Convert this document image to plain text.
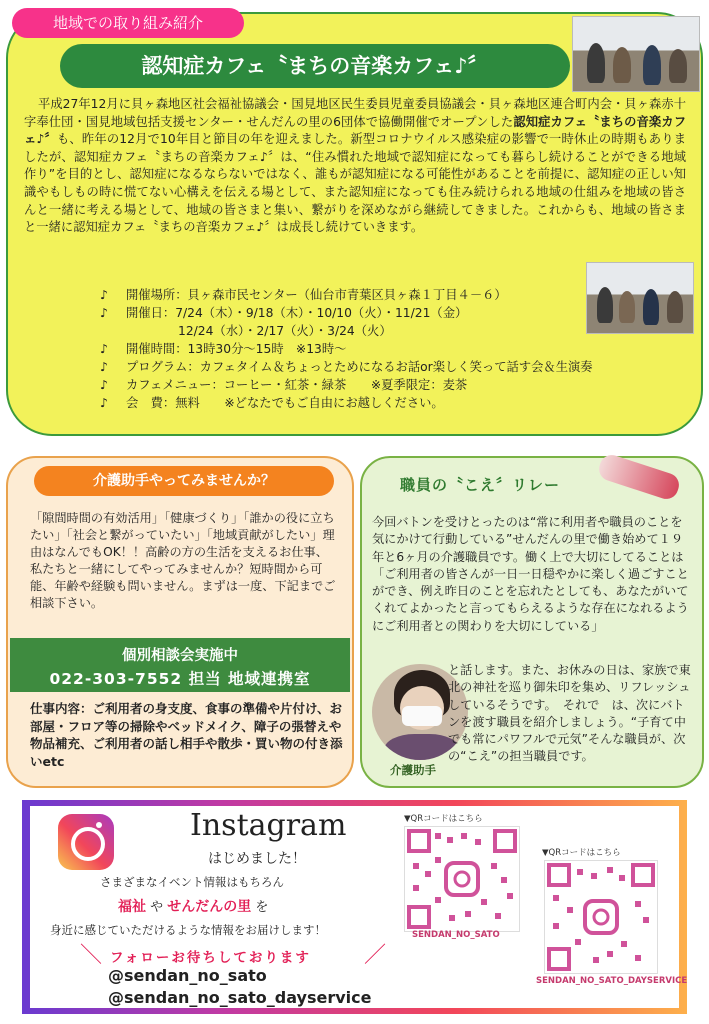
地域での取り組み紹介
認知症カフェ〝まちの音楽カフェ♪〞
平成27年12月に貝ヶ森地区社会福祉協議会・国見地区民生委員児童委員協議会・貝ヶ森地区連合町内会・貝ヶ森赤十字奉仕団・国見地域包括支援センター・せんだんの里の6団体で協働開催でオープンした認知症カフェ〝まちの音楽カフェ♪〞も、昨年の12月で10年目と節目の年を迎えました。新型コロナウイルス感染症の影響で一時休止の時期もありましたが、認知症カフェ〝まちの音楽カフェ♪〞は、“住み慣れた地域で認知症になっても暮らし続けることができる地域作り”を目的とし、認知症になるならないではなく、誰もが認知症になる可能性があることを前提に、認知症の正しい知識やもしもの時に慌てない心構えを伝える場として、また認知症になっても住み続けられる地域の仕組みを地域の皆さんと一緒に考える場として、地域の皆さまと集い、繋がりを深めながら継続してきました。これからも、地域の皆さまと一緒に認知症カフェ〝まちの音楽カフェ♪〞は成長し続けていきます。
♪	開催場所：貝ヶ森市民センター（仙台市青葉区貝ヶ森１丁目４－６）
♪	開催日：7/24（木）・9/18（木）・10/10（火）・11/21（金）
12/24（水）・2/17（火）・3/24（火）
♪	開催時間：13時30分～15時　※13時～
♪	プログラム：カフェタイム＆ちょっとためになるお話or楽しく笑って話す会＆生演奏
♪	カフェメニュー：コーヒー・紅茶・緑茶　　※夏季限定：麦茶
♪	会　費：無料　　※どなたでもご自由にお越しください。
介護助手やってみませんか？
「隙間時間の有効活用」「健康づくり」「誰かの役に立ちたい」「社会と繋がっていたい」「地域貢献がしたい」理由はなんでもOK！！高齢の方の生活を支えるお仕事、私たちと一緒にしてやってみませんか？短時間から可能、年齢や経験も問いません。まずは一度、下記までご相談下さい。
個別相談会実施中
022-303-7552 担当 地域連携室
仕事内容：ご利用者の身支度、食事の準備や片付け、お部屋・フロア等の掃除やベッドメイク、障子の張替えや物品補充、ご利用者の話し相手や散歩・買い物の付き添いetc
職員の〝こえ〞リレー
今回バトンを受けとったのは“常に利用者や職員のことを気にかけて行動している”せんだんの里で働き始めて１９年と6ヶ月の介護職員です。働く上で大切にしてることは「ご利用者の皆さんが一日一日穏やかに楽しく過ごすことができ、例え昨日のことを忘れたとしても、あなたがいてくれてよかったと言ってもらえるような存在になれるようにご利用者との関わりを大切にしている」
介護助手
と話します。また、お休みの日は、家族で東北の神社を巡り御朱印を集め、リフレッシュしているそうです。　それで　は、次にバトンを渡す職員を紹介しましょう。“子育て中でも常にパワフルで元気”そんな職員が、次の“こえ”の担当職員です。
Instagram
はじめました！
さまざまなイベント情報はもちろん
福祉 や せんだんの里 を
身近に感じていただけるような情報をお届けします！
＼ フォローお待ちしております ／
@sendan_no_sato
@sendan_no_sato_dayservice
▼QRコードはこちら
SENDAN_NO_SATO
▼QRコードはこちら
SENDAN_NO_SATO_DAYSERVICE
